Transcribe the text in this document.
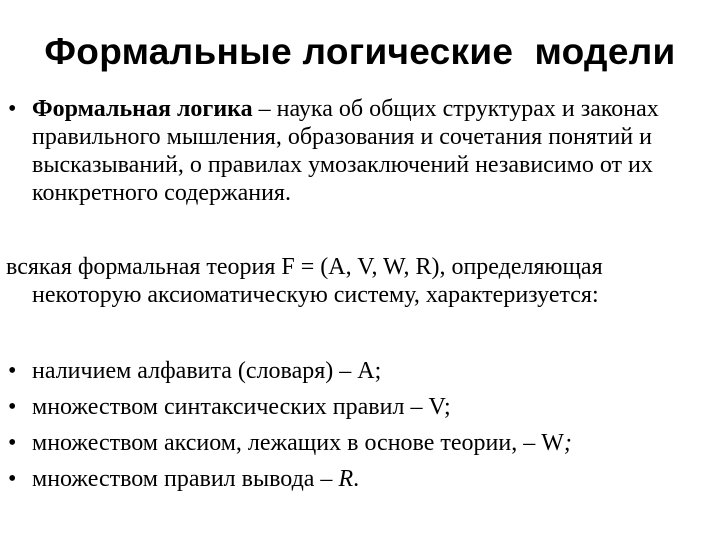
Формальные логические  модели
• Формальная логика – наука об общих структурах и законах правильного мышления, образования и сочетания понятий и высказываний, о правилах умозаключений независимо от их конкретного содержания.
всякая формальная теория F = (A, V, W, R), определяющая некоторую аксиоматическую систему, характеризуется:
• наличием алфавита (словаря) – A;
• множеством синтаксических правил – V;
• множеством аксиом, лежащих в основе теории, – W;
• множеством правил вывода – R.
